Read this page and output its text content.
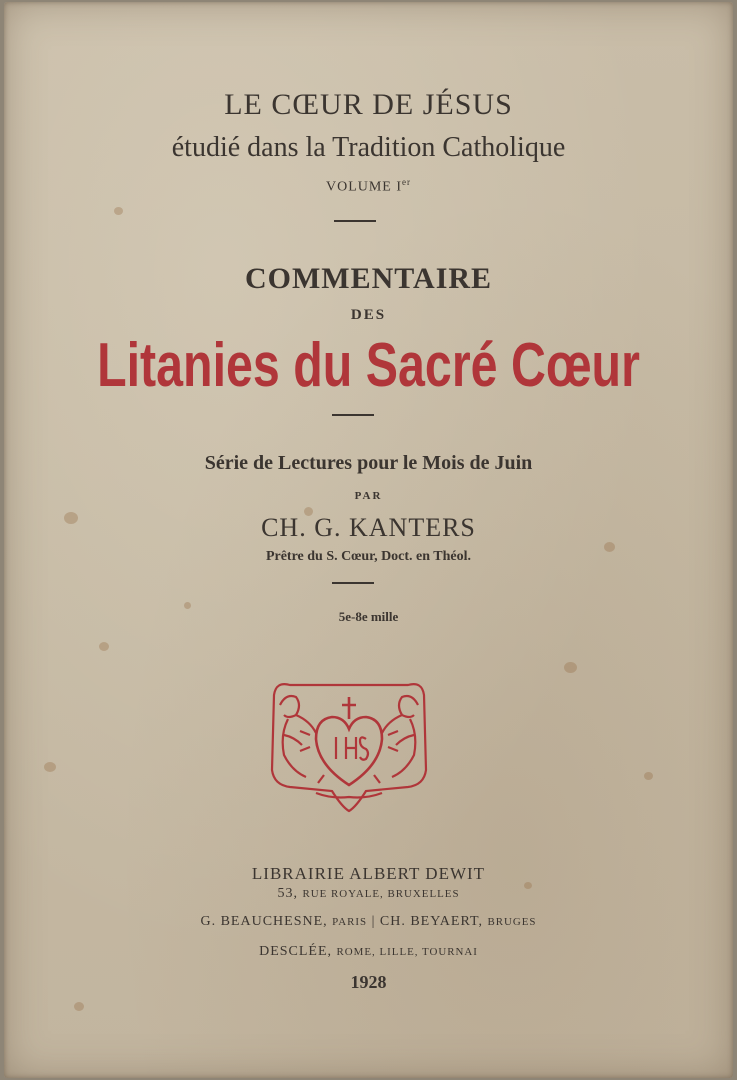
LE CŒUR DE JÉSUS
étudié dans la Tradition Catholique
VOLUME Ier
COMMENTAIRE
DES
Litanies du Sacré Cœur
Série de Lectures pour le Mois de Juin
PAR
CH. G. KANTERS
Prêtre du S. Cœur, Doct. en Théol.
5e-8e mille
LIBRAIRIE ALBERT DEWIT
53, RUE ROYALE, BRUXELLES
G. BEAUCHESNE, PARIS | CH. BEYAERT, BRUGES
DESCLÉE, ROME, LILLE, TOURNAI
1928
